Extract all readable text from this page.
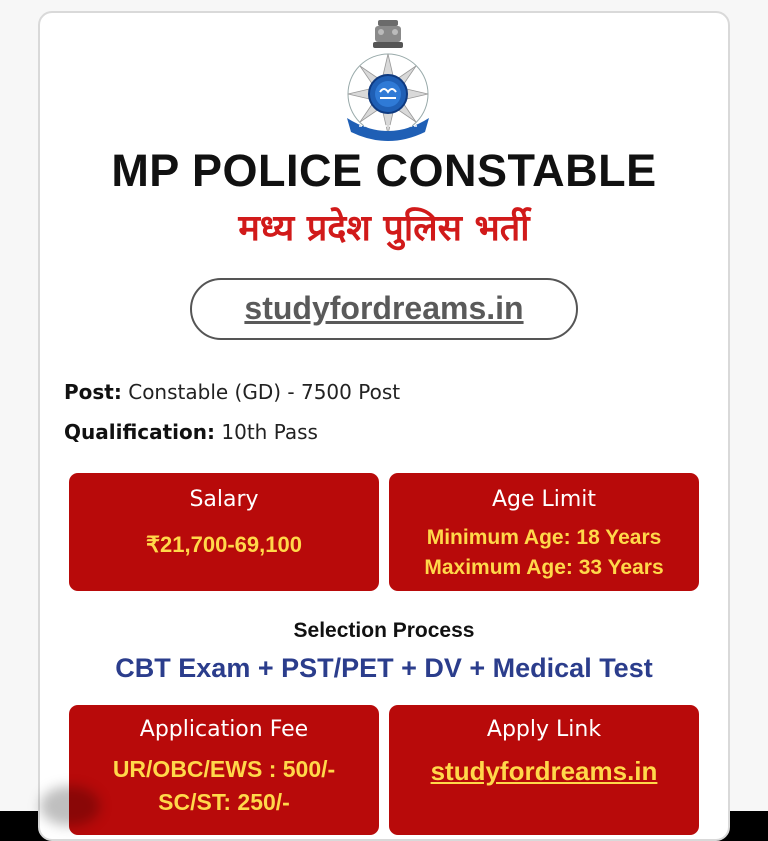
MP POLICE CONSTABLE
मध्य प्रदेश पुलिस भर्ती
studyfordreams.in
Post: Constable (GD) - 7500 Post
Qualification: 10th Pass
Salary
₹21,700-69,100
Age Limit
Minimum Age: 18 Years
Maximum Age: 33 Years
Selection Process
CBT Exam + PST/PET + DV + Medical Test
Application Fee
UR/OBC/EWS : 500/-
SC/ST: 250/-
Apply Link
studyfordreams.in
